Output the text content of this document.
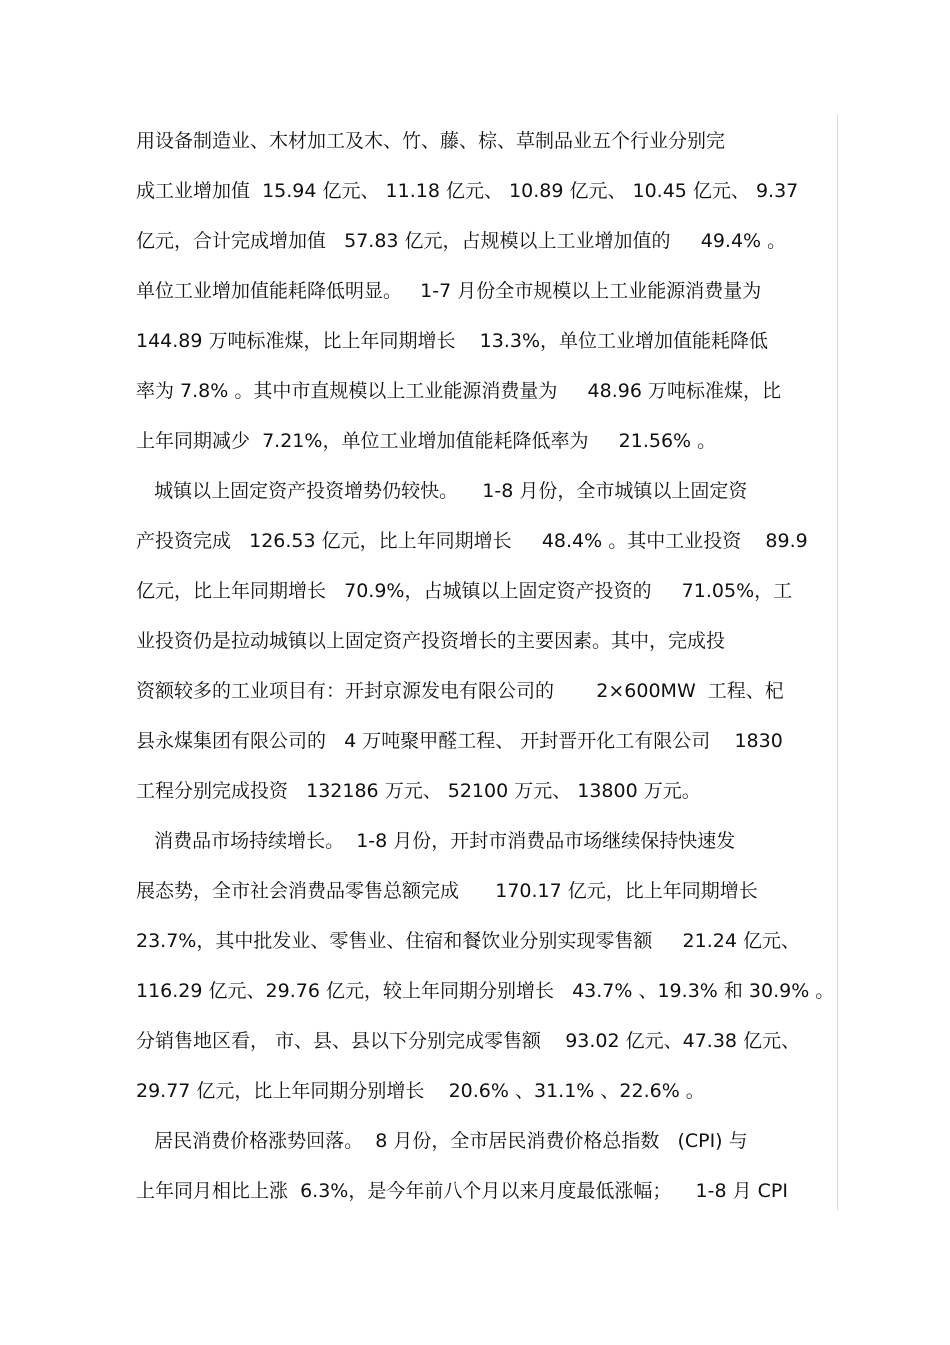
用设备制造业、木材加工及木、竹、藤、棕、草制品业五个行业分别完
成工业增加值  15.94 亿元、 11.18 亿元、 10.89 亿元、 10.45 亿元、 9.37
亿元，合计完成增加值   57.83 亿元，占规模以上工业增加值的     49.4% 。
单位工业增加值能耗降低明显。   1-7 月份全市规模以上工业能源消费量为
144.89 万吨标准煤，比上年同期增长    13.3%，单位工业增加值能耗降低
率为 7.8% 。其中市直规模以上工业能源消费量为     48.96 万吨标准煤，比
上年同期减少  7.21%，单位工业增加值能耗降低率为     21.56% 。
城镇以上固定资产投资增势仍较快。    1-8 月份，全市城镇以上固定资
产投资完成   126.53 亿元，比上年同期增长     48.4% 。其中工业投资    89.9
亿元，比上年同期增长   70.9%，占城镇以上固定资产投资的     71.05%，工
业投资仍是拉动城镇以上固定资产投资增长的主要因素。其中，完成投
资额较多的工业项目有：开封京源发电有限公司的       2×600MW  工程、杞
县永煤集团有限公司的   4 万吨聚甲醛工程、 开封晋开化工有限公司    1830
工程分别完成投资   132186 万元、 52100 万元、 13800 万元。
消费品市场持续增长。  1-8 月份，开封市消费品市场继续保持快速发
展态势，全市社会消费品零售总额完成      170.17 亿元，比上年同期增长
23.7%，其中批发业、零售业、住宿和餐饮业分别实现零售额     21.24 亿元、
116.29 亿元、29.76 亿元，较上年同期分别增长   43.7% 、19.3% 和 30.9% 。
分销售地区看， 市、县、县以下分别完成零售额    93.02 亿元、47.38 亿元、
29.77 亿元，比上年同期分别增长    20.6% 、31.1% 、22.6% 。
居民消费价格涨势回落。  8 月份，全市居民消费价格总指数   (CPI) 与
上年同月相比上涨  6.3%，是今年前八个月以来月度最低涨幅；    1-8 月 CPI
